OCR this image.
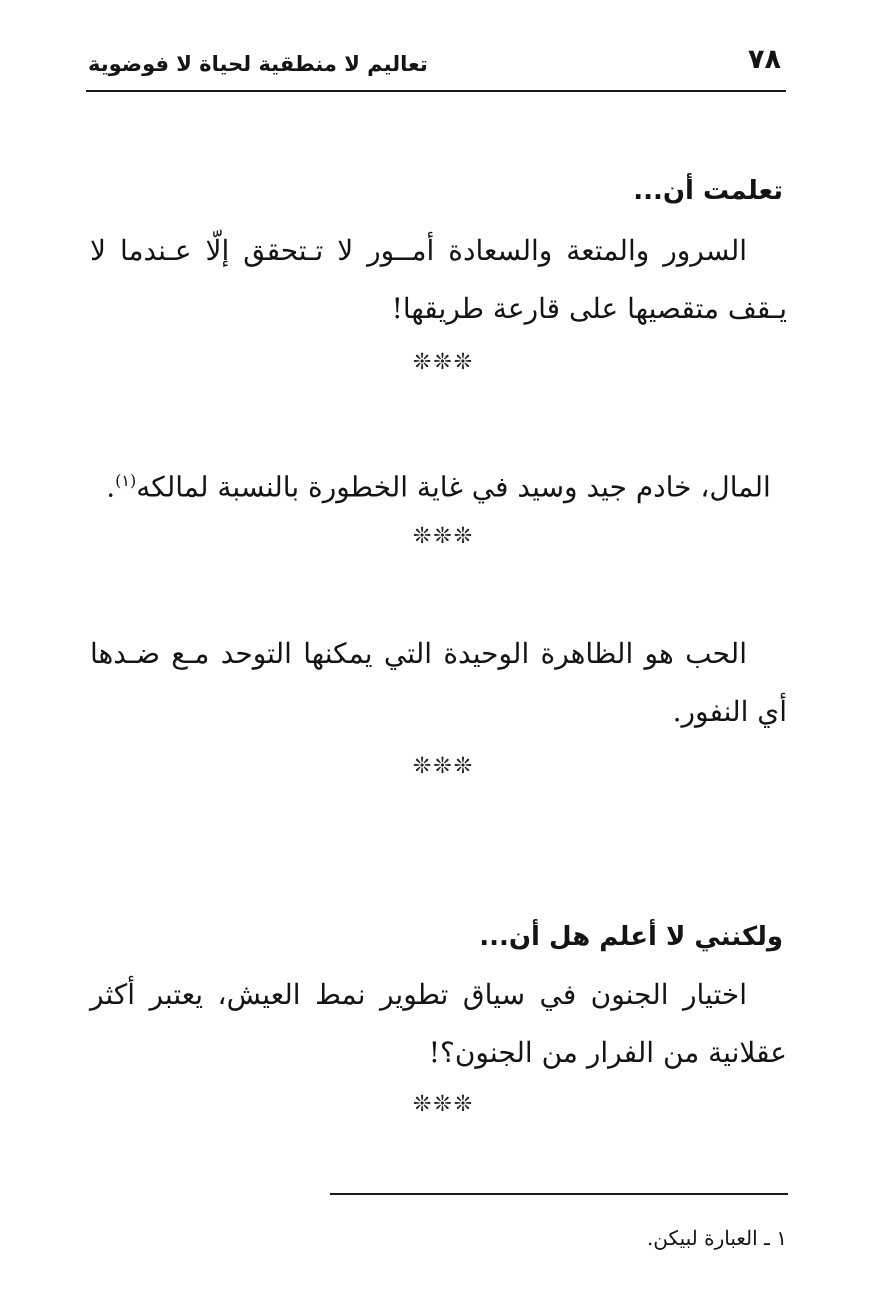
٧٨
تعاليم لا منطقية لحياة لا فوضوية
تعلمت أن...
السرور والمتعة والسعادة أمــور لا تـتحقق إلّا عـندما لا يـقف متقصيها على قارعة طريقها!
❊❊❊
المال، خادم جيد وسيد في غاية الخطورة بالنسبة لمالكه$^{(١)}$.
❊❊❊
الحب هو الظاهرة الوحيدة التي يمكنها التوحد مـع ضـدها أي النفور.
❊❊❊
ولكنني لا أعلم هل أن...
اختيار الجنون في سياق تطوير نمط العيش، يعتبر أكثر عقلانية من الفرار من الجنون؟!
❊❊❊
١ ـ العبارة لبيكن.
